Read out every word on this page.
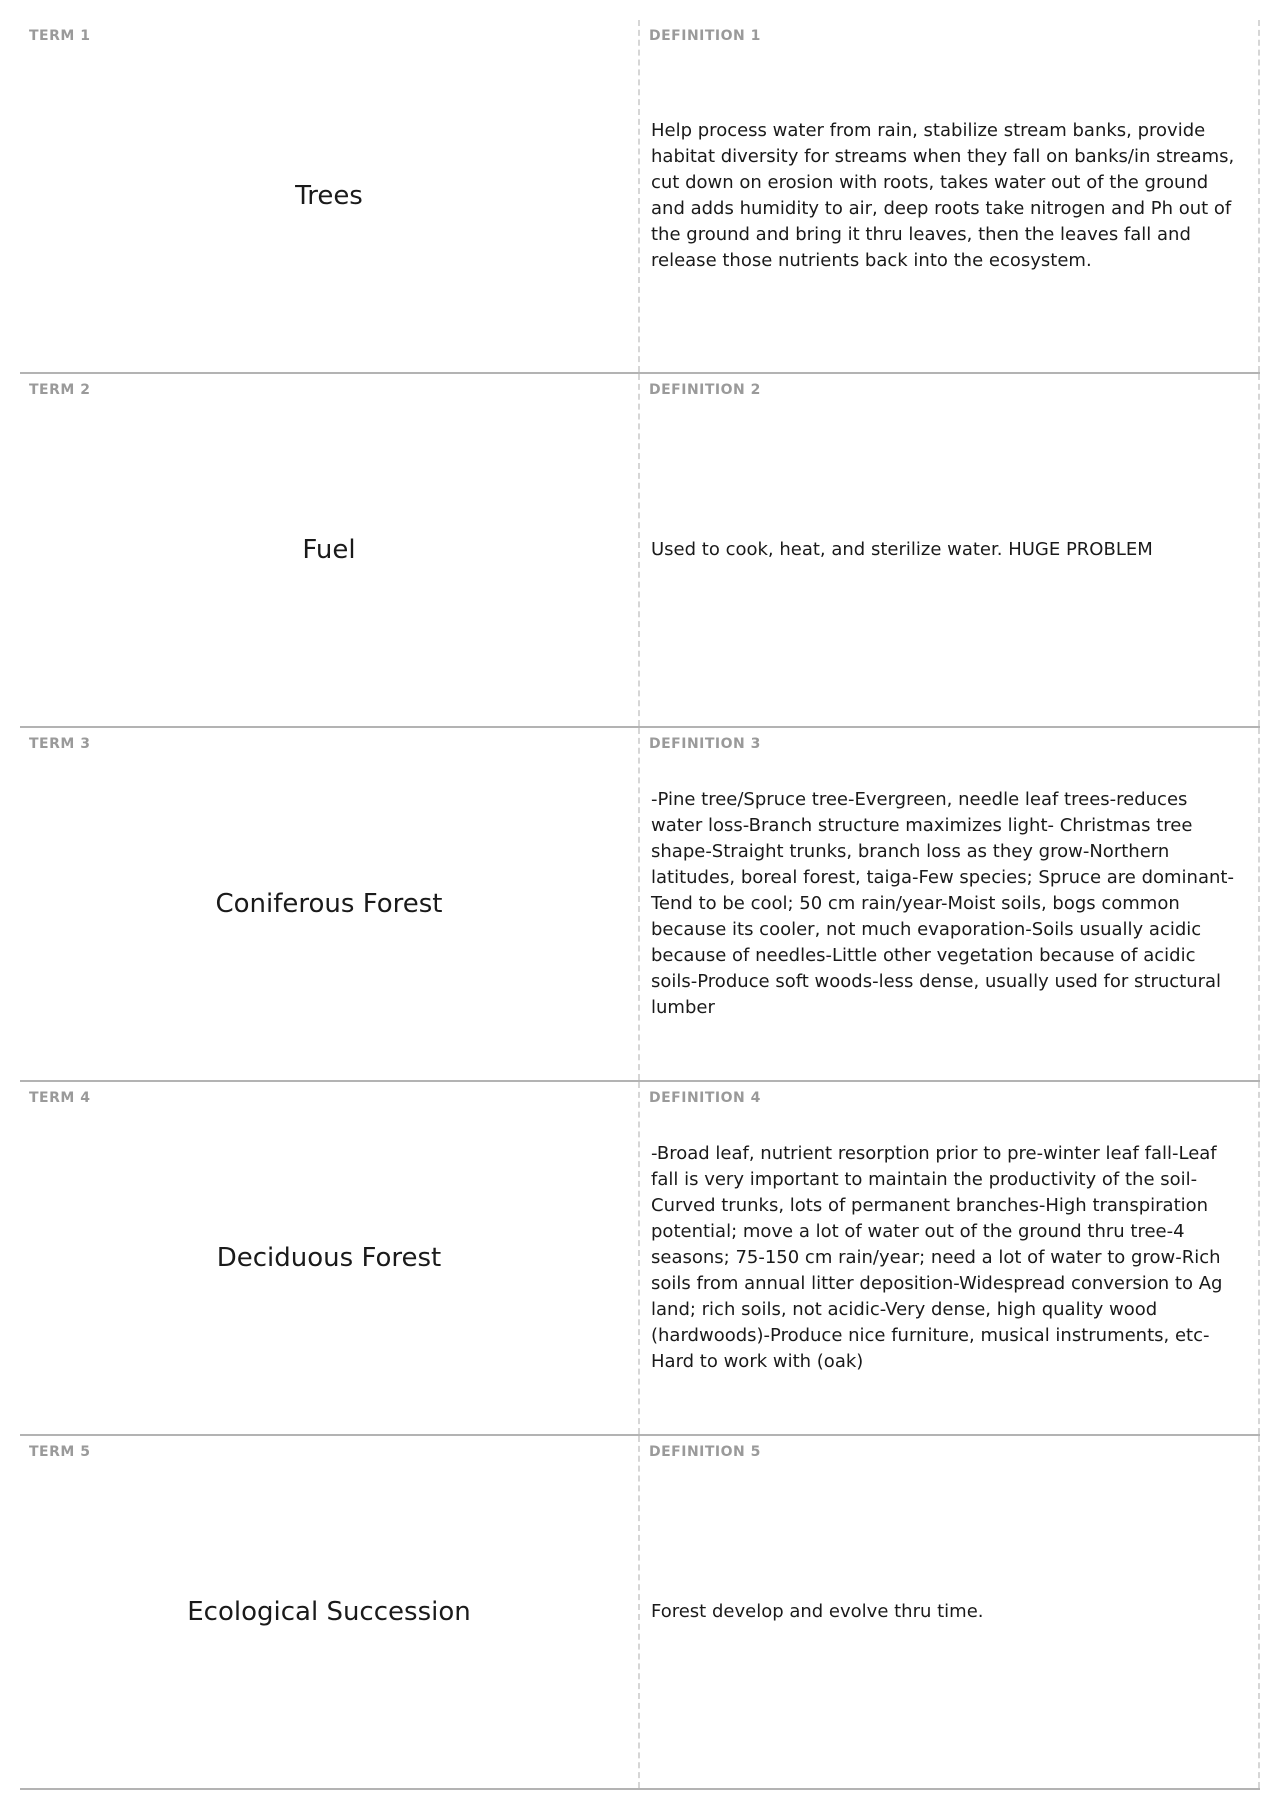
TERM 1
Trees
DEFINITION 1
Help process water from rain, stabilize stream banks, provide habitat diversity for streams when they fall on banks/in streams, cut down on erosion with roots, takes water out of the ground and adds humidity to air, deep roots take nitrogen and Ph out of the ground and bring it thru leaves, then the leaves fall and release those nutrients back into the ecosystem.
TERM 2
Fuel
DEFINITION 2
Used to cook, heat, and sterilize water. HUGE PROBLEM
TERM 3
Coniferous Forest
DEFINITION 3
-Pine tree/Spruce tree-Evergreen, needle leaf trees-reduces water loss-Branch structure maximizes light- Christmas tree shape-Straight trunks, branch loss as they grow-Northern latitudes, boreal forest, taiga-Few species; Spruce are dominant-Tend to be cool; 50 cm rain/year-Moist soils, bogs common because its cooler, not much evaporation-Soils usually acidic because of needles-Little other vegetation because of acidic soils-Produce soft woods-less dense, usually used for structural lumber
TERM 4
Deciduous Forest
DEFINITION 4
-Broad leaf, nutrient resorption prior to pre-winter leaf fall-Leaf fall is very important to maintain the productivity of the soil-Curved trunks, lots of permanent branches-High transpiration potential; move a lot of water out of the ground thru tree-4 seasons; 75-150 cm rain/year; need a lot of water to grow-Rich soils from annual litter deposition-Widespread conversion to Ag land; rich soils, not acidic-Very dense, high quality wood (hardwoods)-Produce nice furniture, musical instruments, etc-Hard to work with (oak)
TERM 5
Ecological Succession
DEFINITION 5
Forest develop and evolve thru time.
